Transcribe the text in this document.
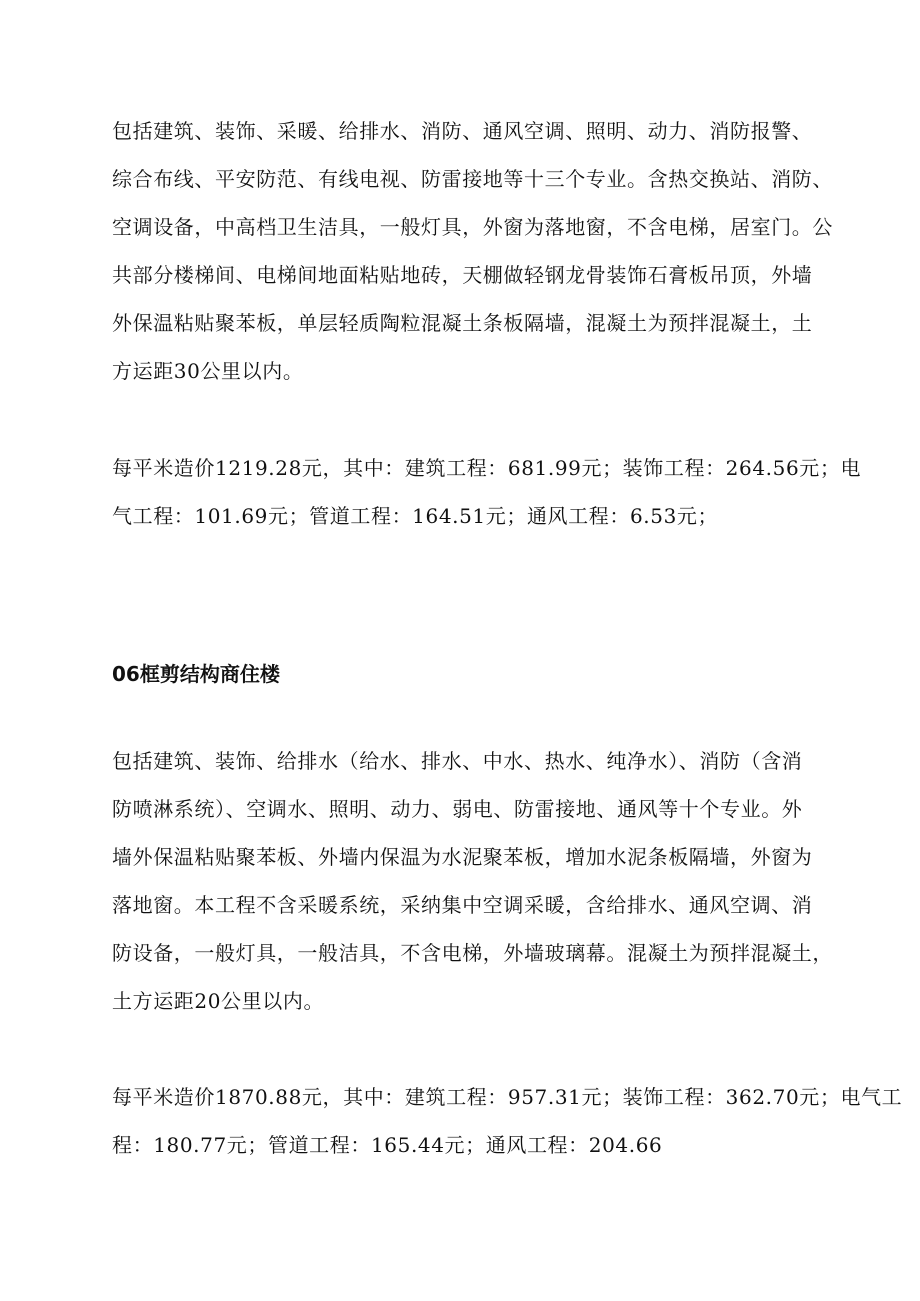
包括建筑、装饰、采暖、给排水、消防、通风空调、照明、动力、消防报警、
综合布线、平安防范、有线电视、防雷接地等十三个专业。含热交换站、消防、
空调设备，中高档卫生洁具，一般灯具，外窗为落地窗，不含电梯，居室门。公
共部分楼梯间、电梯间地面粘贴地砖，天棚做轻钢龙骨装饰石膏板吊顶，外墙
外保温粘贴聚苯板，单层轻质陶粒混凝土条板隔墙，混凝土为预拌混凝土，土
方运距30公里以内。
每平米造价1219.28元，其中：建筑工程：681.99元；装饰工程：264.56元；电
气工程：101.69元；管道工程：164.51元；通风工程：6.53元；
06框剪结构商住楼
包括建筑、装饰、给排水（给水、排水、中水、热水、纯净水）、消防（含消
防喷淋系统）、空调水、照明、动力、弱电、防雷接地、通风等十个专业。外
墙外保温粘贴聚苯板、外墙内保温为水泥聚苯板，增加水泥条板隔墙，外窗为
落地窗。本工程不含采暖系统，采纳集中空调采暖，含给排水、通风空调、消
防设备，一般灯具，一般洁具，不含电梯，外墙玻璃幕。混凝土为预拌混凝土，
土方运距20公里以内。
每平米造价1870.88元，其中：建筑工程：957.31元；装饰工程：362.70元；电气工
程：180.77元；管道工程：165.44元；通风工程：204.66
